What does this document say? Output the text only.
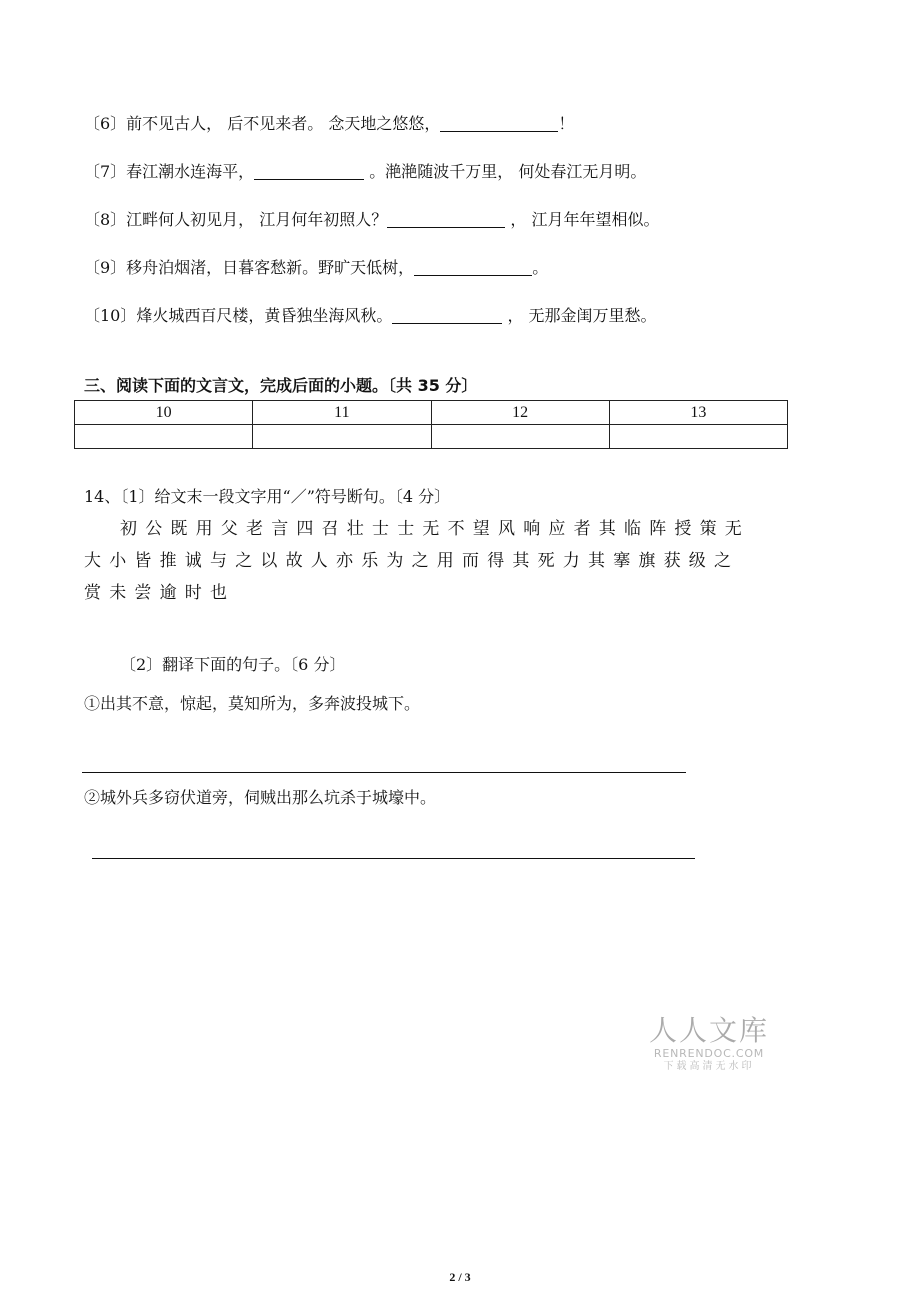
〔6〕前不见古人， 后不见来者。 念天地之悠悠，	！
〔7〕春江潮水连海平，	。滟滟随波千万里， 何处春江无月明。
〔8〕江畔何人初见月， 江月何年初照人？	， 江月年年望相似。
〔9〕移舟泊烟渚，日暮客愁新。野旷天低树，	。
〔10〕烽火城西百尺楼，黄昏独坐海风秋。	， 无那金闺万里愁。
三、阅读下面的文言文，完成后面的小题。〔共 35 分〕
10	11	12	13

14、〔1〕给文末一段文字用“／”符号断句。〔4 分〕
初公既用父老言四召壮士士无不望风响应者其临阵授策无
大小皆推诚与之以故人亦乐为之用而得其死力其搴旗获级之
赏未尝逾时也
〔2〕翻译下面的句子。〔6 分〕
①出其不意，惊起，莫知所为，多奔波投城下。
②城外兵多窃伏道旁，伺贼出那么坑杀于城壕中。
人人文库
RENRENDOC.COM
下载高清无水印
2 / 3
